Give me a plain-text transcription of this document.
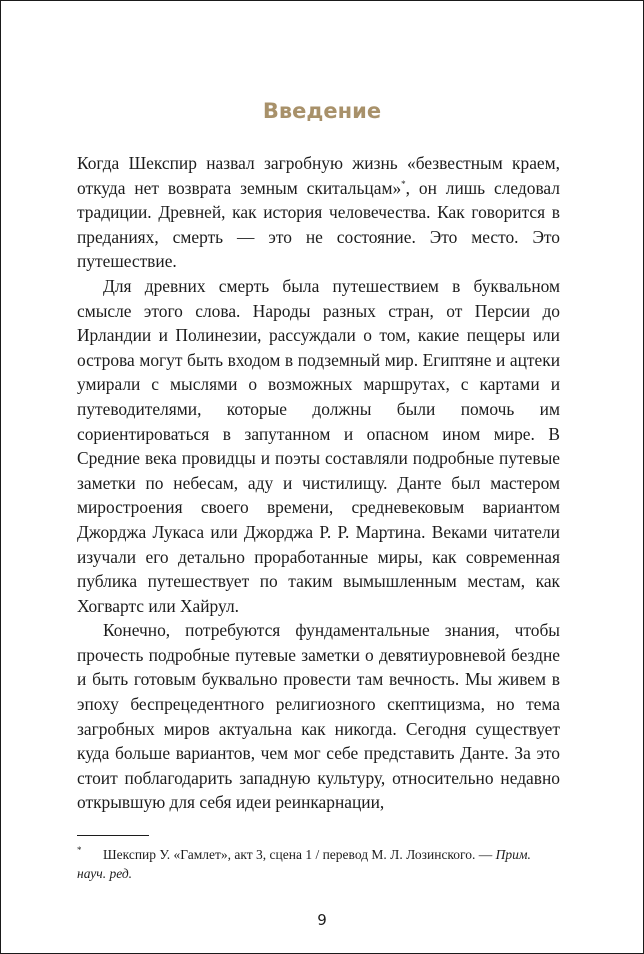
Введение

Когда Шекспир назвал загробную жизнь «безвестным краем, откуда нет возврата земным скитальцам»*, он лишь следовал традиции. Древней, как история человечества. Как говорится в преданиях, смерть — это не состояние. Это место. Это путешествие.

Для древних смерть была путешествием в буквальном смысле этого слова. Народы разных стран, от Персии до Ирландии и Полинезии, рассуждали о том, какие пещеры или острова могут быть входом в подземный мир. Египтяне и ацтеки умирали с мыслями о возможных маршрутах, с картами и путеводителями, которые должны были помочь им сориентироваться в запутанном и опасном ином мире. В Средние века провидцы и поэты составляли подробные путевые заметки по небесам, аду и чистилищу. Данте был мастером миростроения своего времени, средневековым вариантом Джорджа Лукаса или Джорджа Р. Р. Мартина. Веками читатели изучали его детально проработанные миры, как современная публика путешествует по таким вымышленным местам, как Хогвартс или Хайрул.

Конечно, потребуются фундаментальные знания, чтобы прочесть подробные путевые заметки о девятиуровневой бездне и быть готовым буквально провести там вечность. Мы живем в эпоху беспрецедентного религиозного скептицизма, но тема загробных миров актуальна как никогда. Сегодня существует куда больше вариантов, чем мог себе представить Данте. За это стоит поблагодарить западную культуру, относительно недавно открывшую для себя идеи реинкарнации,

*	Шекспир У. «Гамлет», акт 3, сцена 1 / перевод М. Л. Лозинского. — Прим. науч. ред.
9
